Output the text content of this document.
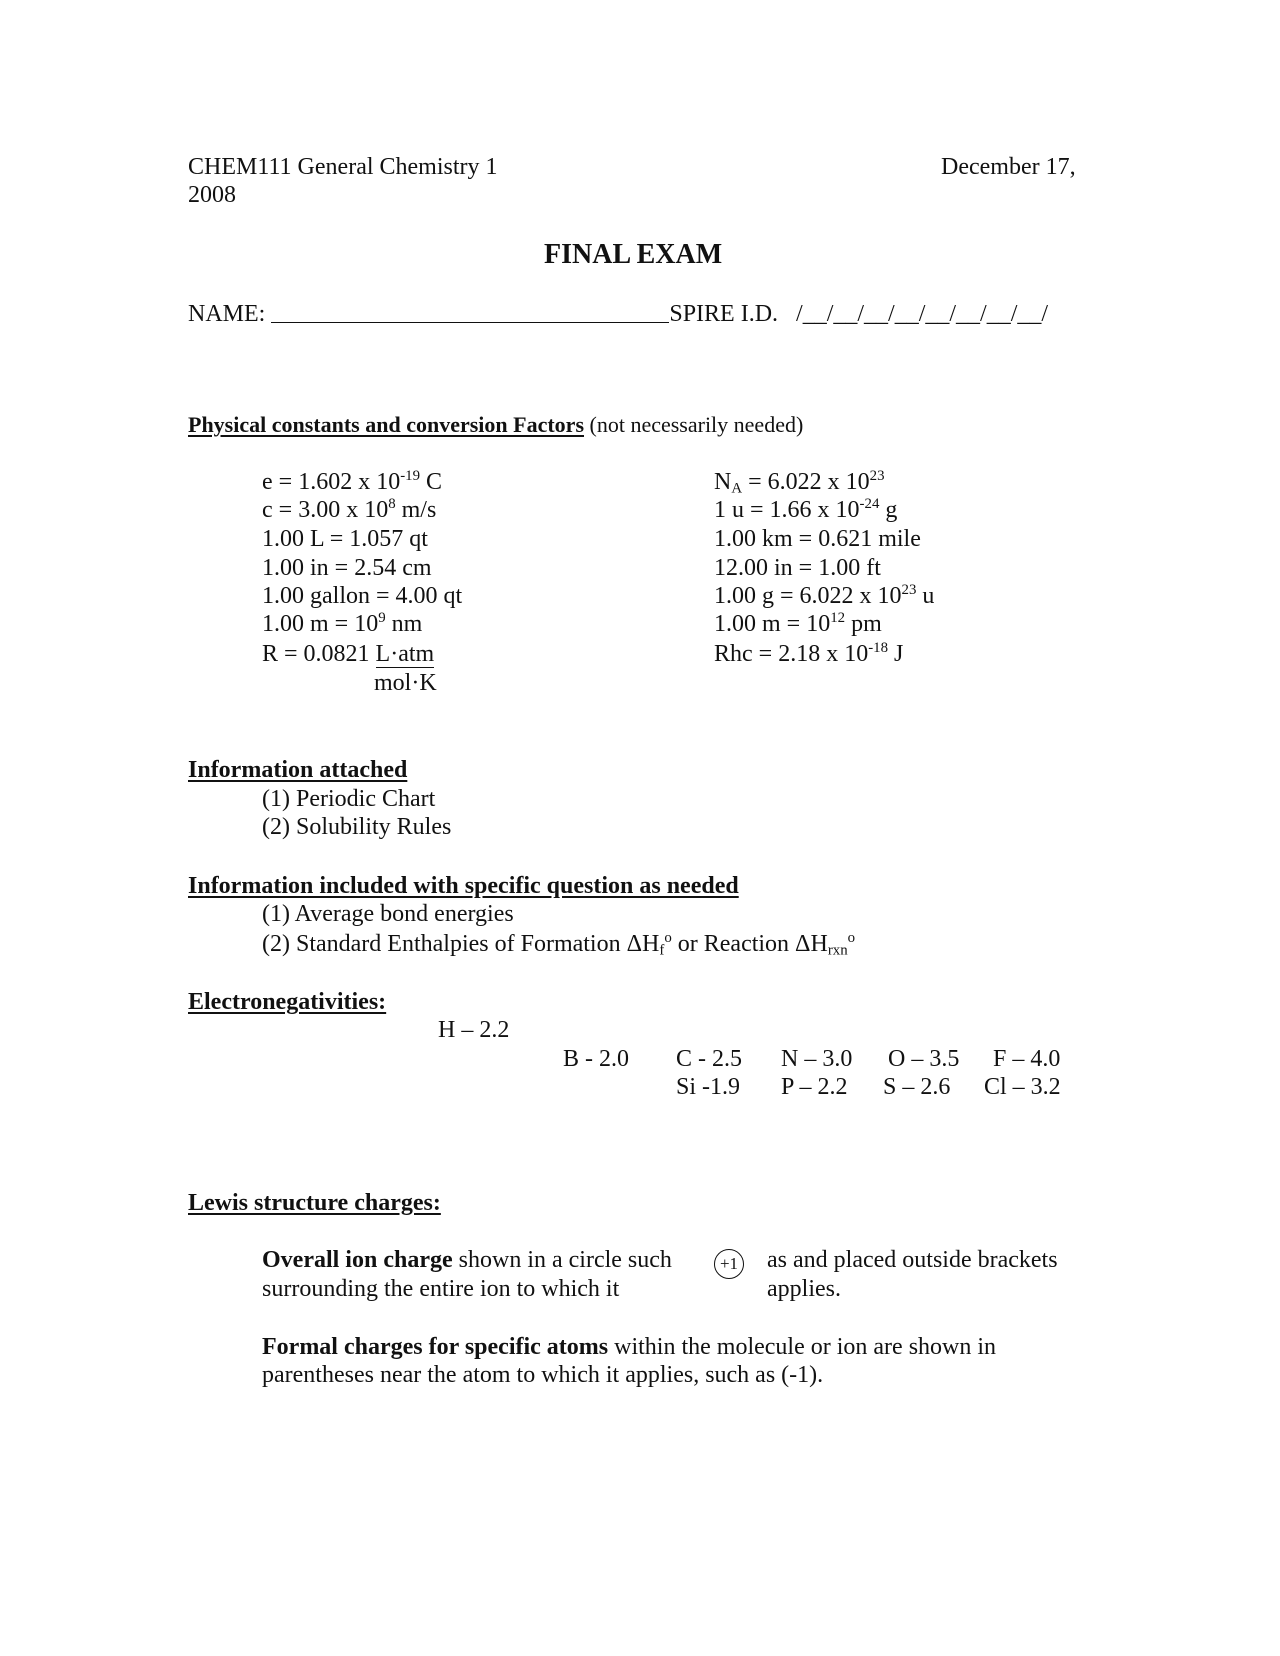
CHEM111 General Chemistry 1	December 17,
2008
FINAL EXAM
NAME:	SPIRE I.D. /__/__/__/__/__/__/__/__/
Physical constants and conversion Factors (not necessarily needed)
e = 1.602 x $10^{-19}$ C
c = 3.00 x $10^8$ m/s
1.00 L = 1.057 qt
1.00 in = 2.54 cm
1.00 gallon = 4.00 qt
1.00 $m = 10^9$ nm
R = 0.0821 L·atm
mol·K
$N_A = 6.022$ x $10^{23}$
1 u = 1.66 x $10^{-24}$ g
1.00 km = 0.621 mile
12.00 in = 1.00 ft
1.00 g = 6.022 x $10^{23}$ u
1.00 $m = 10^{12}$ pm
Rhc = 2.18 x $10^{-18}$ J
Information attached
(1) Periodic Chart
(2) Solubility Rules
Information included with specific question as needed
(1) Average bond energies
(2) Standard Enthalpies of Formation $\Delta H_f^o$ or Reaction $\Delta H_{rxn}^o$
Electronegativities:
H – 2.2
B - 2.0 C - 2.5 N – 3.0 O – 3.5 F – 4.0
Si -1.9 P – 2.2 S – 2.6 Cl – 3.2
Lewis structure charges:
Overall ion charge shown in a circle such
surrounding the entire ion to which it
+1 as and placed outside brackets
applies.
Formal charges for specific atoms within the molecule or ion are shown in
parentheses near the atom to which it applies, such as (-1).
